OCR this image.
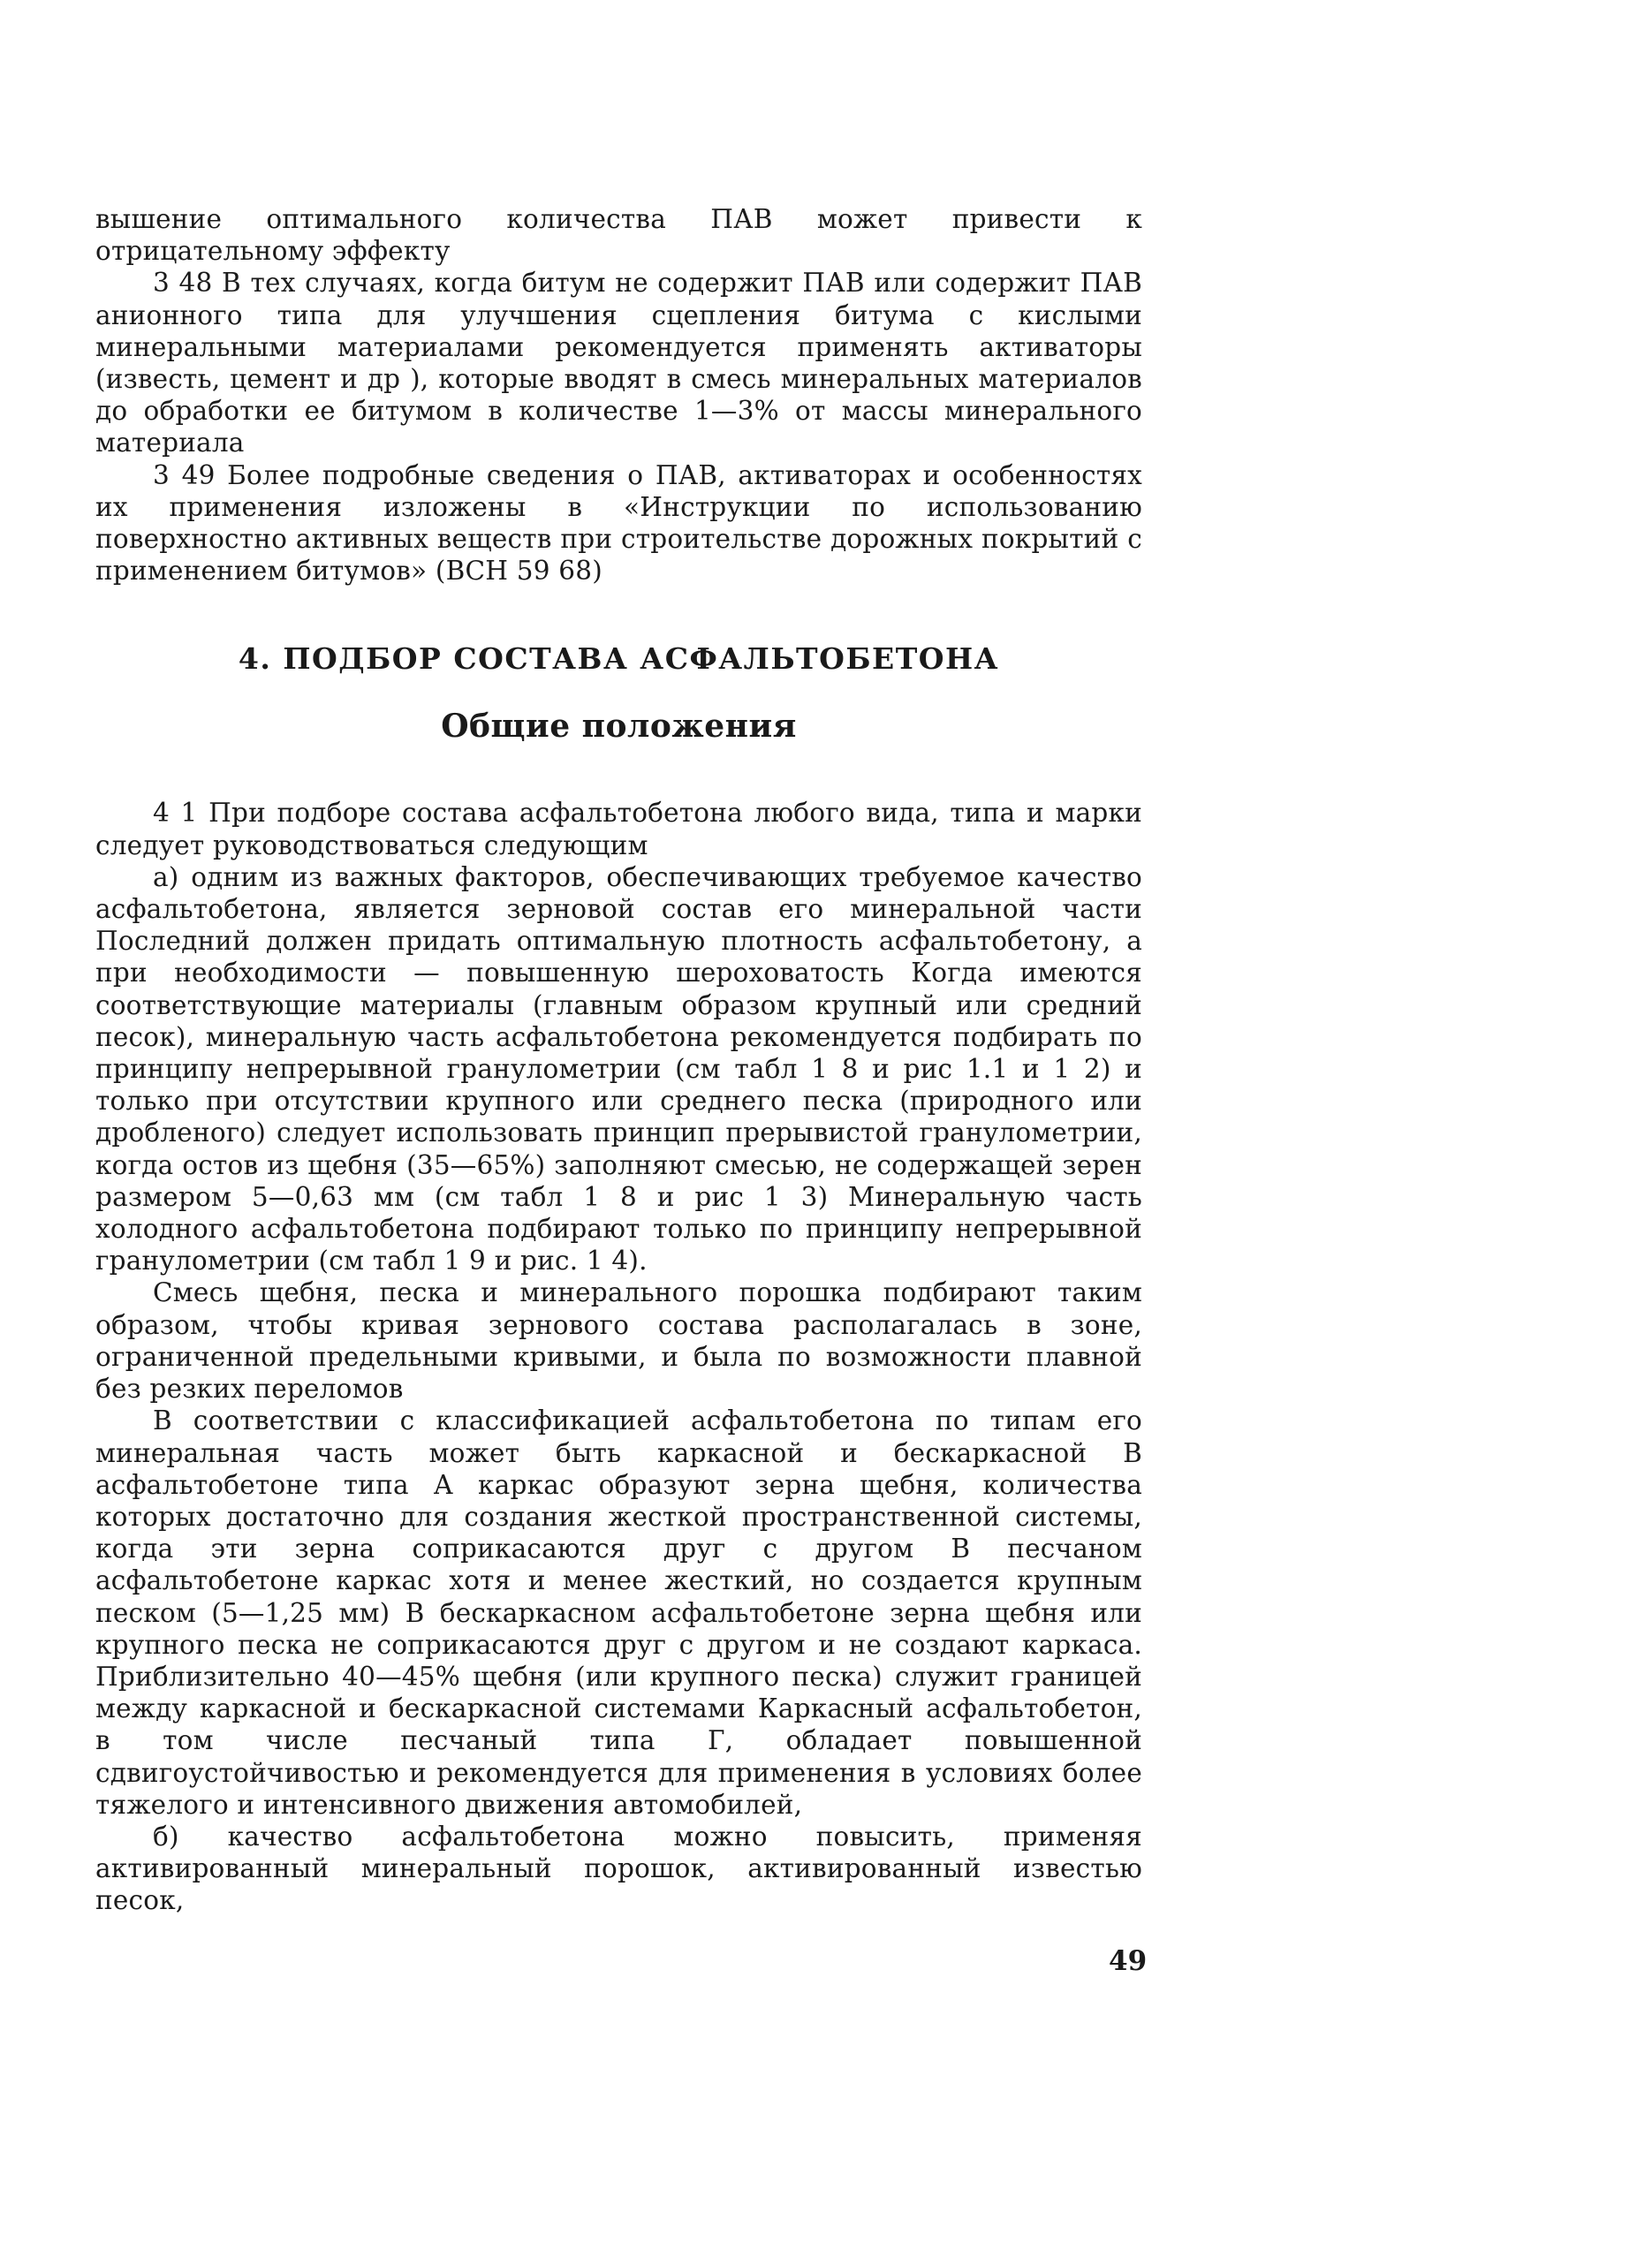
вышение оптимального количества ПАВ может привести к отрицательному эффекту

3 48 В тех случаях, когда битум не содержит ПАВ или содержит ПАВ анионного типа для улучшения сцепления битума с кислыми минеральными материалами рекомендуется применять активаторы (известь, цемент и др ), которые вводят в смесь минеральных материалов до обработки ее битумом в количестве 1—3% от массы минерального материала

3 49 Более подробные сведения о ПАВ, активаторах и особенностях их применения изложены в «Инструкции по использованию поверхностно активных веществ при строительстве дорожных покрытий с применением битумов» (ВСН 59 68)

4. ПОДБОР СОСТАВА АСФАЛЬТОБЕТОНА
Общие положения

4 1 При подборе состава асфальтобетона любого вида, типа и марки следует руководствоваться следующим

а) одним из важных факторов, обеспечивающих требуемое качество асфальтобетона, является зерновой состав его минеральной части Последний должен придать оптимальную плотность асфальтобетону, а при необходимости — повышенную шероховатость Когда имеются соответствующие материалы (главным образом крупный или средний песок), минеральную часть асфальтобетона рекомендуется подбирать по принципу непрерывной гранулометрии (см табл 1 8 и рис 1.1 и 1 2) и только при отсутствии крупного или среднего песка (природного или дробленого) следует использовать принцип прерывистой гранулометрии, когда остов из щебня (35—65%) заполняют смесью, не содержащей зерен размером 5—0,63 мм (см табл 1 8 и рис 1 3) Минеральную часть холодного асфальтобетона подбирают только по принципу непрерывной гранулометрии (см табл 1 9 и рис. 1 4).

Смесь щебня, песка и минерального порошка подбирают таким образом, чтобы кривая зернового состава располагалась в зоне, ограниченной предельными кривыми, и была по возможности плавной без резких переломов

В соответствии с классификацией асфальтобетона по типам его минеральная часть может быть каркасной и бескаркасной В асфальтобетоне типа А каркас образуют зерна щебня, количества которых достаточно для создания жесткой пространственной системы, когда эти зерна соприкасаются друг с другом В песчаном асфальтобетоне каркас хотя и менее жесткий, но создается крупным песком (5—1,25 мм) В бескаркасном асфальтобетоне зерна щебня или крупного песка не соприкасаются друг с другом и не создают каркаса. Приблизительно 40—45% щебня (или крупного песка) служит границей между каркасной и бескаркасной системами Каркасный асфальтобетон, в том числе песчаный типа Г, обладает повышенной сдвигоустойчивостью и рекомендуется для применения в условиях более тяжелого и интенсивного движения автомобилей,

б) качество асфальтобетона можно повысить, применяя активированный минеральный порошок, активированный известью песок,

49
